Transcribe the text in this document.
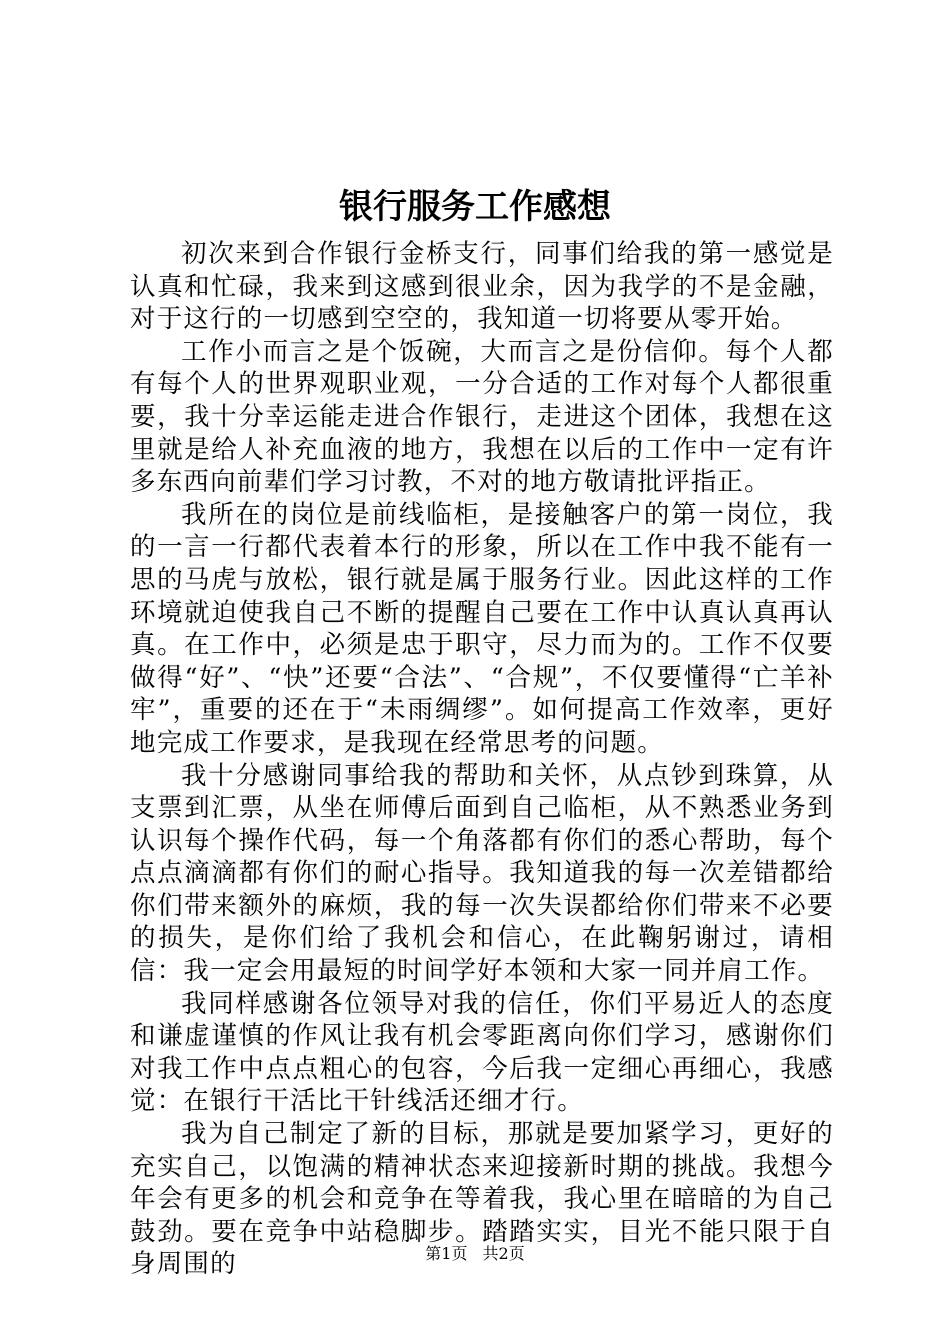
银行服务工作感想

初次来到合作银行金桥支行，同事们给我的第一感觉是认真和忙碌，我来到这感到很业余，因为我学的不是金融，对于这行的一切感到空空的，我知道一切将要从零开始。

工作小而言之是个饭碗，大而言之是份信仰。每个人都有每个人的世界观职业观，一分合适的工作对每个人都很重要，我十分幸运能走进合作银行，走进这个团体，我想在这里就是给人补充血液的地方，我想在以后的工作中一定有许多东西向前辈们学习讨教，不对的地方敬请批评指正。

我所在的岗位是前线临柜，是接触客户的第一岗位，我的一言一行都代表着本行的形象，所以在工作中我不能有一思的马虎与放松，银行就是属于服务行业。因此这样的工作环境就迫使我自己不断的提醒自己要在工作中认真认真再认真。在工作中，必须是忠于职守，尽力而为的。工作不仅要做得“好”、“快”还要“合法”、“合规”，不仅要懂得“亡羊补牢”，重要的还在于“未雨绸缪”。如何提高工作效率，更好地完成工作要求，是我现在经常思考的问题。

我十分感谢同事给我的帮助和关怀，从点钞到珠算，从支票到汇票，从坐在师傅后面到自己临柜，从不熟悉业务到认识每个操作代码，每一个角落都有你们的悉心帮助，每个点点滴滴都有你们的耐心指导。我知道我的每一次差错都给你们带来额外的麻烦，我的每一次失误都给你们带来不必要的损失，是你们给了我机会和信心，在此鞠躬谢过，请相信：我一定会用最短的时间学好本领和大家一同并肩工作。

我同样感谢各位领导对我的信任，你们平易近人的态度和谦虚谨慎的作风让我有机会零距离向你们学习，感谢你们对我工作中点点粗心的包容，今后我一定细心再细心，我感觉：在银行干活比干针线活还细才行。

我为自己制定了新的目标，那就是要加紧学习，更好的充实自己，以饱满的精神状态来迎接新时期的挑战。我想今年会有更多的机会和竞争在等着我，我心里在暗暗的为自己鼓劲。要在竞争中站稳脚步。踏踏实实，目光不能只限于自身周围的	第1页 共2页
